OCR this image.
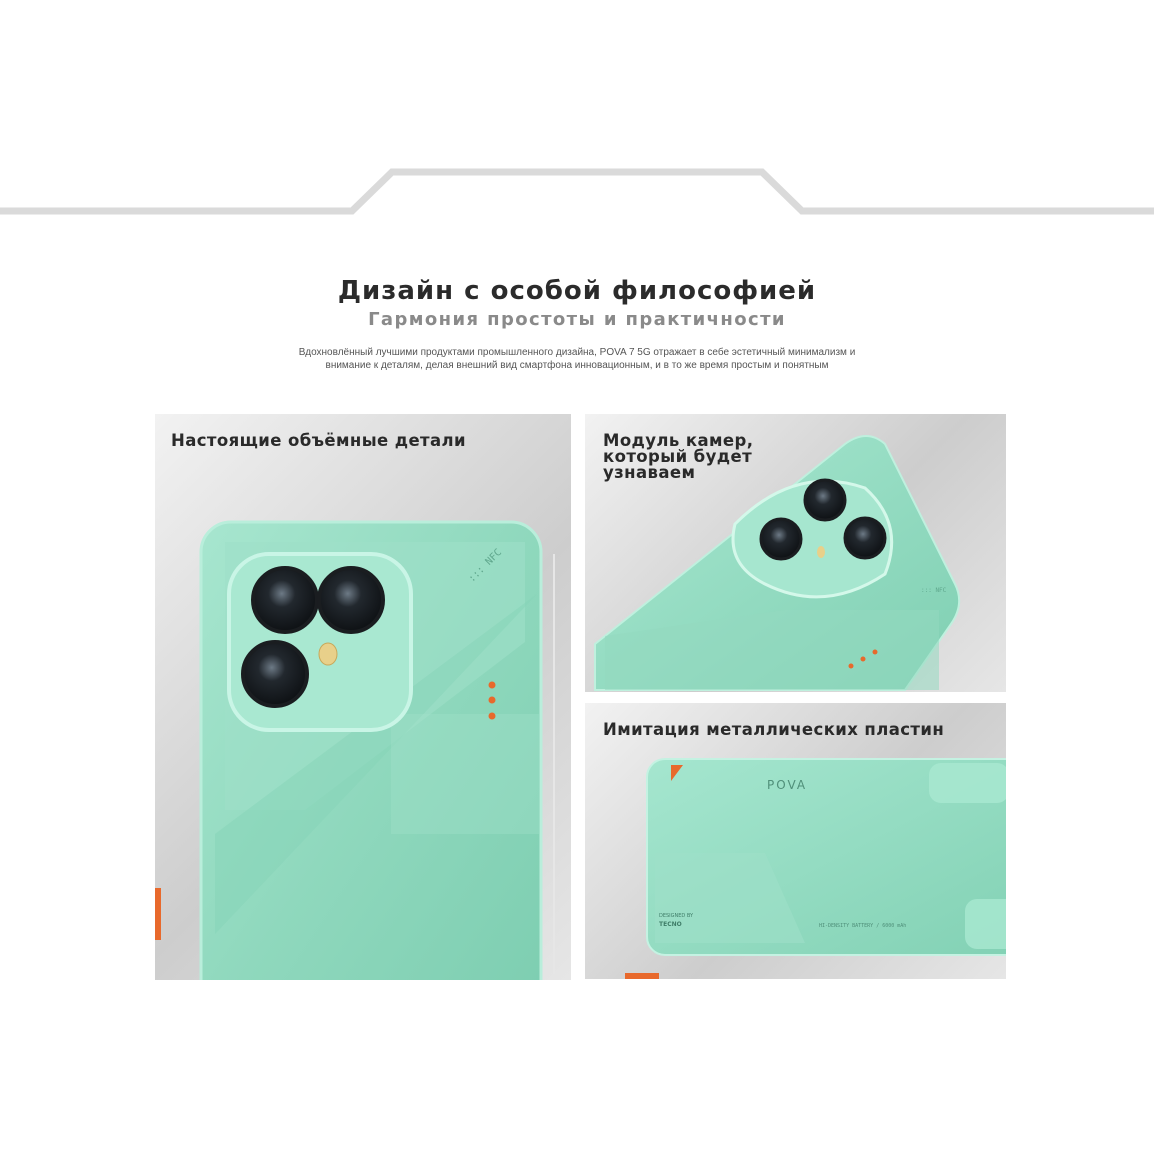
Дизайн с особой философией
Гармония простоты и практичности
Вдохновлённый лучшими продуктами промышленного дизайна, POVA 7 5G отражает в себе эстетичный минимализм и внимание к деталям, делая внешний вид смартфона инновационным, и в то же время простым и понятным
Настоящие объёмные детали
::: NFC
Модуль камер, который будет узнаваем
::: NFC
Имитация металлических пластин
POVA
DESIGNED BY
TECNO	HI-DENSITY BATTERY / 6000 mAh
